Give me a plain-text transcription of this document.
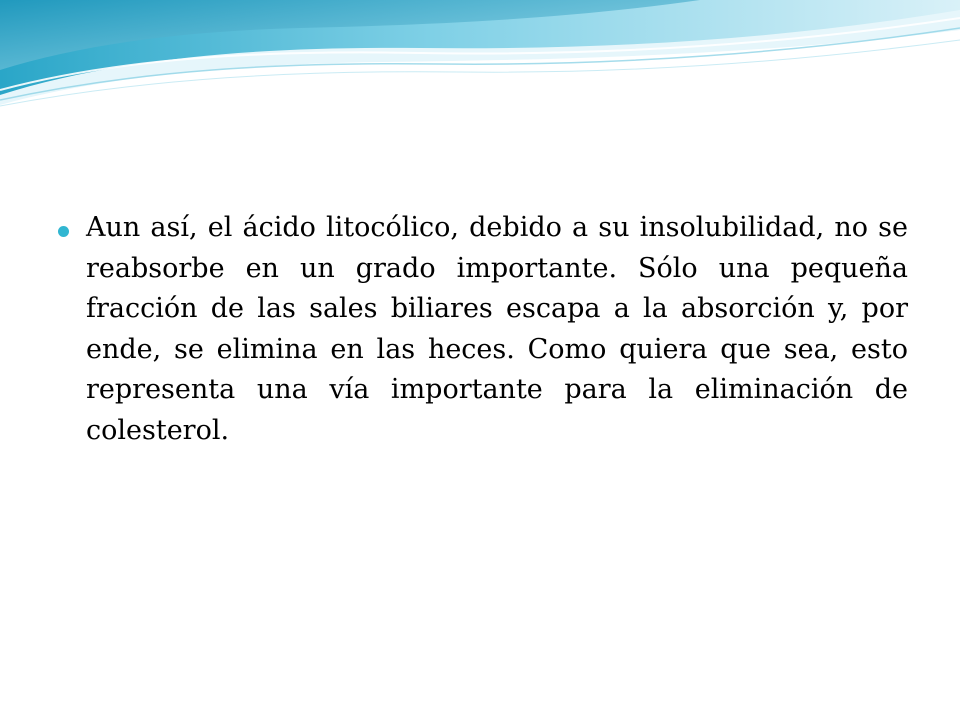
Aun así, el ácido litocólico, debido a su insolubilidad, no se reabsorbe en un grado importante. Sólo una pequeña fracción de las sales biliares escapa a la absorción y, por ende, se elimina en las heces. Como quiera que sea, esto representa una vía importante para la eliminación de colesterol.
